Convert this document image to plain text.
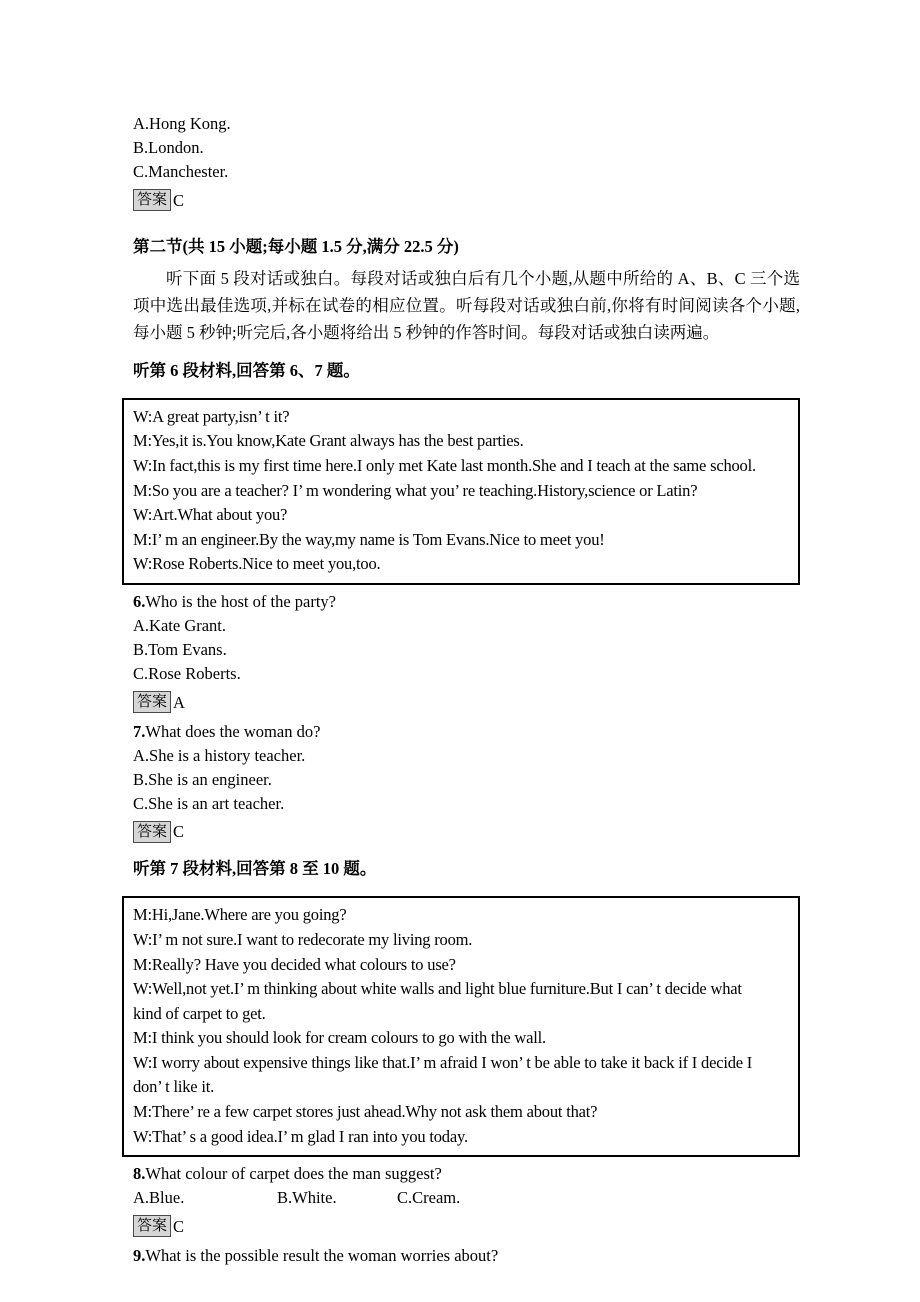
A.Hong Kong.
B.London.
C.Manchester.
答案 C
第二节(共 15 小题;每小题 1.5 分,满分 22.5 分)

听下面 5 段对话或独白。每段对话或独白后有几个小题,从题中所给的 A、B、C 三个选项中选出最佳选项,并标在试卷的相应位置。听每段对话或独白前,你将有时间阅读各个小题,每小题 5 秒钟;听完后,各小题将给出 5 秒钟的作答时间。每段对话或独白读两遍。

听第 6 段材料,回答第 6、7 题。

W:A great party,isn’ t it?

M:Yes,it is.You know,Kate Grant always has the best parties.

W:In fact,this is my first time here.I only met Kate last month.She and I teach at the same school.

M:So you are a teacher? I’ m wondering what you’ re teaching.History,science or Latin?

W:Art.What about you?

M:I’ m an engineer.By the way,my name is Tom Evans.Nice to meet you!

W:Rose Roberts.Nice to meet you,too.

6.Who is the host of the party?
A.Kate Grant.
B.Tom Evans.
C.Rose Roberts.
答案 A
7.What does the woman do?
A.She is a history teacher.
B.She is an engineer.
C.She is an art teacher.
答案 C
听第 7 段材料,回答第 8 至 10 题。

M:Hi,Jane.Where are you going?

W:I’ m not sure.I want to redecorate my living room.

M:Really? Have you decided what colours to use?

W:Well,not yet.I’ m thinking about white walls and light blue furniture.But I can’ t decide what

kind of carpet to get.

M:I think you should look for cream colours to go with the wall.

W:I worry about expensive things like that.I’ m afraid I won’ t be able to take it back if I decide I

don’ t like it.

M:There’ re a few carpet stores just ahead.Why not ask them about that?

W:That’ s a good idea.I’ m glad I ran into you today.

8.What colour of carpet does the man suggest?
A.Blue.	B.White.	C.Cream.
答案 C
9.What is the possible result the woman worries about?
